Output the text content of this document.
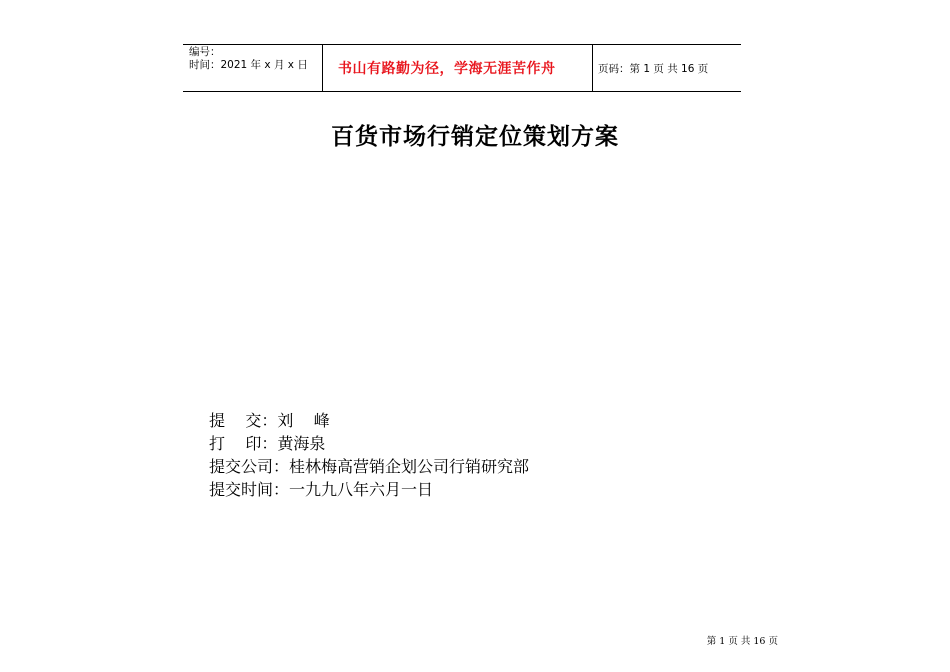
编号：
时间：2021 年 x 月 x 日	书山有路勤为径，学海无涯苦作舟	页码：第 1 页 共 16 页
百货市场行销定位策划方案
提    交：刘    峰
打    印：黄海泉
提交公司：桂林梅高营销企划公司行销研究部
提交时间：一九九八年六月一日
第 1 页 共 16 页
